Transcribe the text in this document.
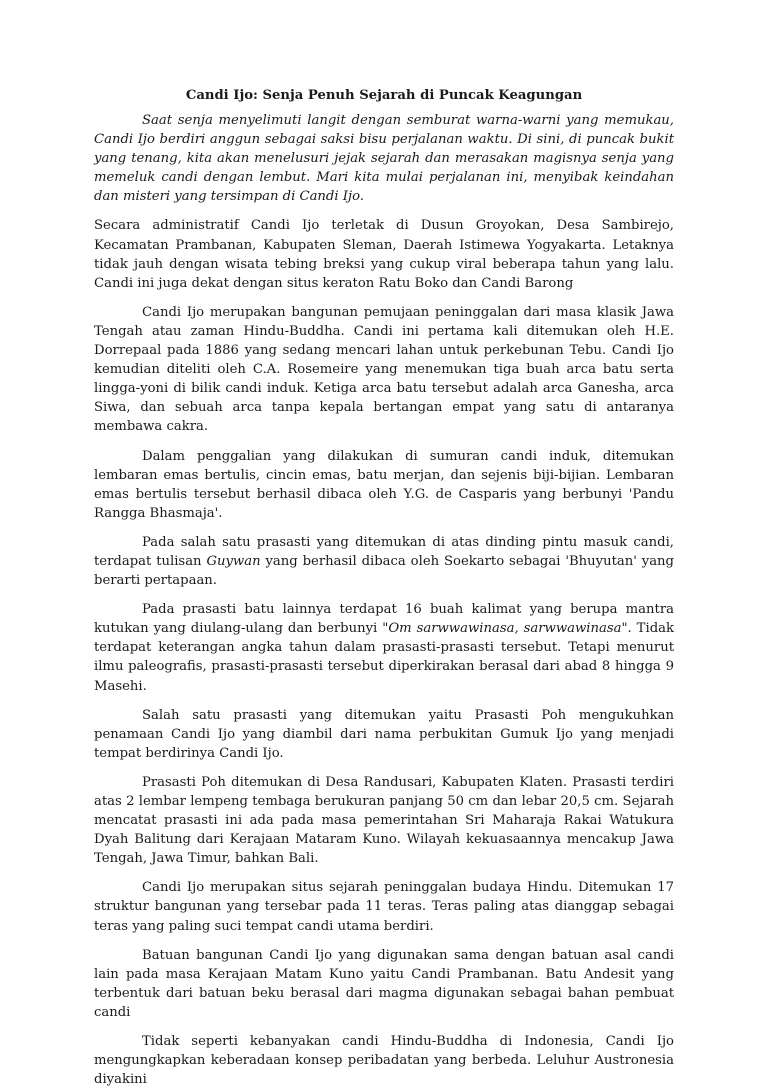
Candi Ijo: Senja Penuh Sejarah di Puncak Keagungan

Saat senja menyelimuti langit dengan semburat warna-warni yang memukau, Candi Ijo berdiri anggun sebagai saksi bisu perjalanan waktu. Di sini, di puncak bukit yang tenang, kita akan menelusuri jejak sejarah dan merasakan magisnya senja yang memeluk candi dengan lembut. Mari kita mulai perjalanan ini, menyibak keindahan dan misteri yang tersimpan di Candi Ijo.

Secara administratif Candi Ijo terletak di Dusun Groyokan, Desa Sambirejo, Kecamatan Prambanan, Kabupaten Sleman, Daerah Istimewa Yogyakarta. Letaknya tidak jauh dengan wisata tebing breksi yang cukup viral beberapa tahun yang lalu. Candi ini juga dekat dengan situs keraton Ratu Boko dan Candi Barong

Candi Ijo merupakan bangunan pemujaan peninggalan dari masa klasik Jawa Tengah atau zaman Hindu-Buddha. Candi ini pertama kali ditemukan oleh H.E. Dorrepaal pada 1886 yang sedang mencari lahan untuk perkebunan Tebu. Candi Ijo kemudian diteliti oleh C.A. Rosemeire yang menemukan tiga buah arca batu serta lingga-yoni di bilik candi induk. Ketiga arca batu tersebut adalah arca Ganesha, arca Siwa, dan sebuah arca tanpa kepala bertangan empat yang satu di antaranya membawa cakra.

Dalam penggalian yang dilakukan di sumuran candi induk, ditemukan lembaran emas bertulis, cincin emas, batu merjan, dan sejenis biji-bijian. Lembaran emas bertulis tersebut berhasil dibaca oleh Y.G. de Casparis yang berbunyi 'Pandu Rangga Bhasmaja'.

Pada salah satu prasasti yang ditemukan di atas dinding pintu masuk candi, terdapat tulisan Guywan yang berhasil dibaca oleh Soekarto sebagai 'Bhuyutan' yang berarti pertapaan.

Pada prasasti batu lainnya terdapat 16 buah kalimat yang berupa mantra kutukan yang diulang-ulang dan berbunyi "Om sarwwawinasa, sarwwawinasa". Tidak terdapat keterangan angka tahun dalam prasasti-prasasti tersebut. Tetapi menurut ilmu paleografis, prasasti-prasasti tersebut diperkirakan berasal dari abad 8 hingga 9 Masehi.

Salah satu prasasti yang ditemukan yaitu Prasasti Poh mengukuhkan penamaan Candi Ijo yang diambil dari nama perbukitan Gumuk Ijo yang menjadi tempat berdirinya Candi Ijo.

Prasasti Poh ditemukan di Desa Randusari, Kabupaten Klaten. Prasasti terdiri atas 2 lembar lempeng tembaga berukuran panjang 50 cm dan lebar 20,5 cm. Sejarah mencatat prasasti ini ada pada masa pemerintahan Sri Maharaja Rakai Watukura Dyah Balitung dari Kerajaan Mataram Kuno. Wilayah kekuasaannya mencakup Jawa Tengah, Jawa Timur, bahkan Bali.

Candi Ijo merupakan situs sejarah peninggalan budaya Hindu. Ditemukan 17 struktur bangunan yang tersebar pada 11 teras. Teras paling atas dianggap sebagai teras yang paling suci tempat candi utama berdiri.

Batuan bangunan Candi Ijo yang digunakan sama dengan batuan asal candi lain pada masa Kerajaan Matam Kuno yaitu Candi Prambanan. Batu Andesit yang terbentuk dari batuan beku berasal dari magma digunakan sebagai bahan pembuat candi

Tidak seperti kebanyakan candi Hindu-Buddha di Indonesia, Candi Ijo mengungkapkan keberadaan konsep peribadatan yang berbeda. Leluhur Austronesia diyakini
